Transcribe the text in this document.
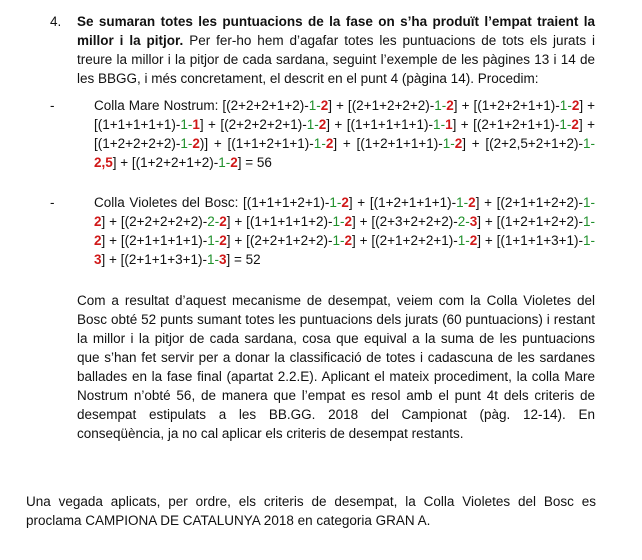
4.	Se sumaran totes les puntuacions de la fase on s’ha produït l’empat traient la millor i la pitjor. Per fer-ho hem d’agafar totes les puntuacions de tots els jurats i treure la millor i la pitjor de cada sardana, seguint l’exemple de les pàgines 13 i 14 de les BBGG, i més concretament, el descrit en el punt 4 (pàgina 14). Procedim:
-	Colla Mare Nostrum: [(2+2+2+1+2)-1-2] + [(2+1+2+2+2)-1-2] + [(1+2+2+1+1)-1-2] + [(1+1+1+1+1)-1-1] + [(2+2+2+2+1)-1-2] + [(1+1+1+1+1)-1-1] + [(2+1+2+1+1)-1-2] + [(1+2+2+2+2)-1-2)] + [(1+1+2+1+1)-1-2] + [(1+2+1+1+1)-1-2] + [(2+2,5+2+1+2)-1-2,5] + [(1+2+2+1+2)-1-2] = 56
-	Colla Violetes del Bosc: [(1+1+1+2+1)-1-2] + [(1+2+1+1+1)-1-2] + [(2+1+1+2+2)-1-2] + [(2+2+2+2+2)-2-2] + [(1+1+1+1+2)-1-2] + [(2+3+2+2+2)-2-3] + [(1+2+1+2+2)-1-2] + [(2+1+1+1+1)-1-2] + [(2+2+1+2+2)-1-2] + [(2+1+2+2+1)-1-2] + [(1+1+1+3+1)-1-3] + [(2+1+1+3+1)-1-3] = 52
Com a resultat d’aquest mecanisme de desempat, veiem com la Colla Violetes del Bosc obté 52 punts sumant totes les puntuacions dels jurats (60 puntuacions) i restant la millor i la pitjor de cada sardana, cosa que equival a la suma de les puntuacions que s’han fet servir per a donar la classificació de totes i cadascuna de les sardanes ballades en la fase final (apartat 2.2.E). Aplicant el mateix procediment, la colla Mare Nostrum n’obté 56, de manera que l’empat es resol amb el punt 4t dels criteris de desempat estipulats a les BB.GG. 2018 del Campionat (pàg. 12-14). En conseqüència, ja no cal aplicar els criteris de desempat restants.
Una vegada aplicats, per ordre, els criteris de desempat, la Colla Violetes del Bosc es proclama CAMPIONA DE CATALUNYA 2018 en categoria GRAN A.
